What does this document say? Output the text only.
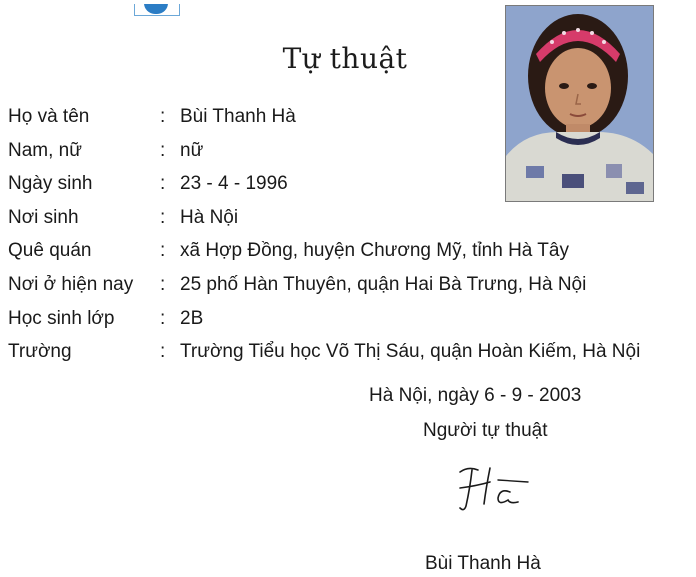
Tự thuật
Họ và tên	: Bùi Thanh Hà
Nam, nữ	: nữ
Ngày sinh	: 23 - 4 - 1996
Nơi sinh	: Hà Nội
Quê quán	: xã Hợp Đồng, huyện Chương Mỹ, tỉnh Hà Tây
Nơi ở hiện nay : 25 phố Hàn Thuyên, quận Hai Bà Trưng, Hà Nội
Học sinh lớp : 2B
Trường	: Trường Tiểu học Võ Thị Sáu, quận Hoàn Kiếm, Hà Nội
Hà Nội, ngày 6 - 9 - 2003
Người tự thuật
Bùi Thanh Hà
